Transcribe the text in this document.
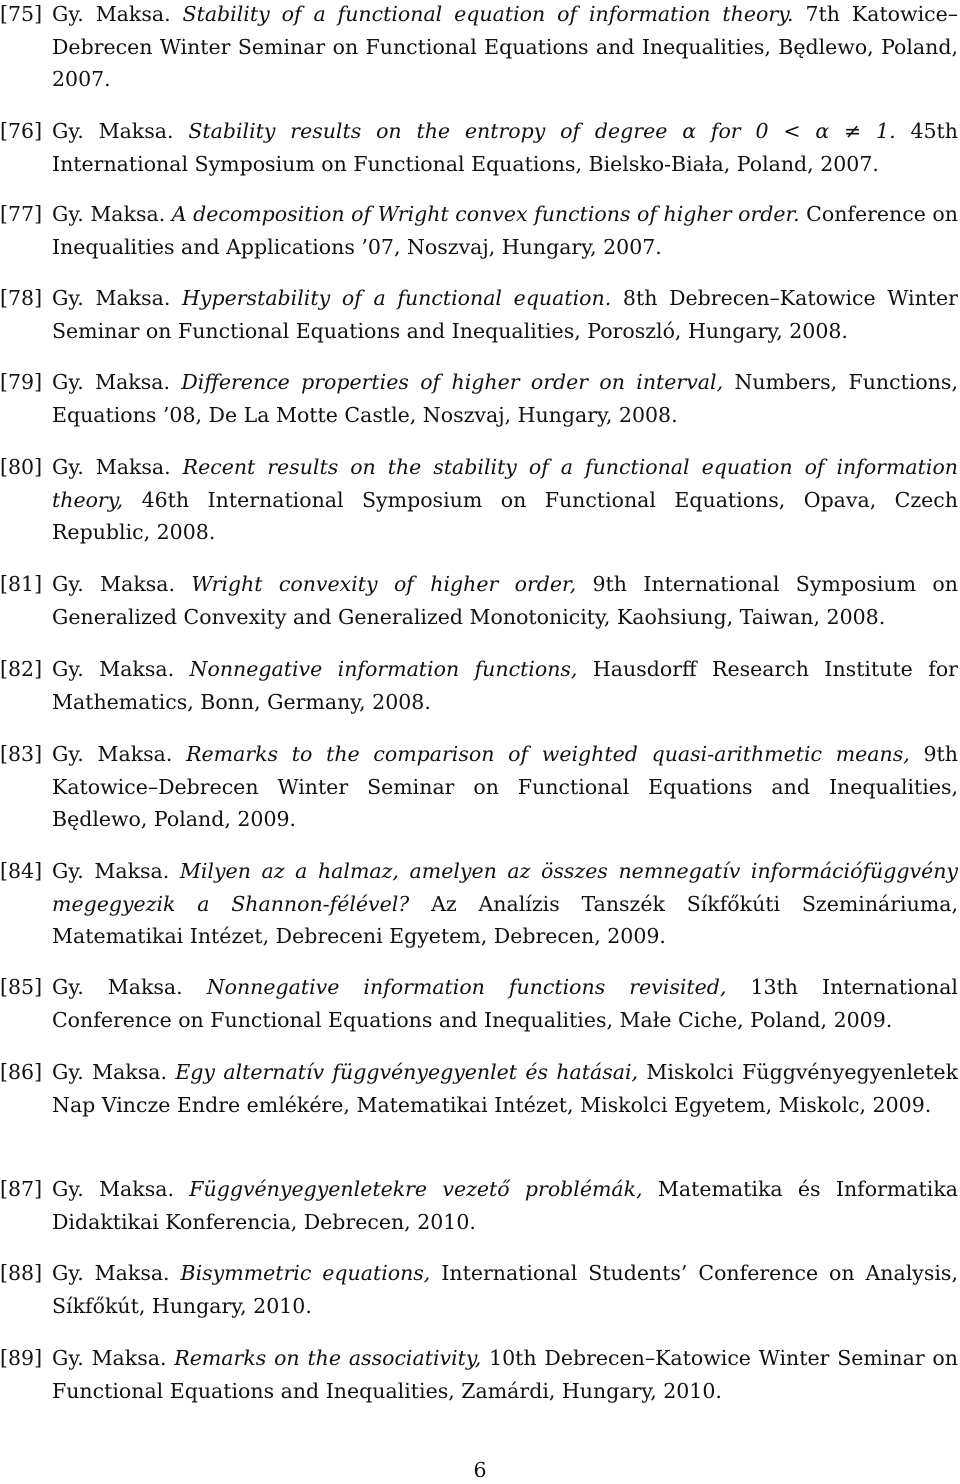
[75] Gy. Maksa. Stability of a functional equation of information theory. 7th Katowice–Debrecen Winter Seminar on Functional Equations and Inequalities, Będlewo, Poland, 2007.
[76] Gy. Maksa. Stability results on the entropy of degree α for 0 < α ≠ 1. 45th International Symposium on Functional Equations, Bielsko-Biała, Poland, 2007.
[77] Gy. Maksa. A decomposition of Wright convex functions of higher order. Conference on Inequalities and Applications ’07, Noszvaj, Hungary, 2007.
[78] Gy. Maksa. Hyperstability of a functional equation. 8th Debrecen–Katowice Winter Seminar on Functional Equations and Inequalities, Poroszló, Hungary, 2008.
[79] Gy. Maksa. Difference properties of higher order on interval, Numbers, Functions, Equations ’08, De La Motte Castle, Noszvaj, Hungary, 2008.
[80] Gy. Maksa. Recent results on the stability of a functional equation of information theory, 46th International Symposium on Functional Equations, Opava, Czech Republic, 2008.
[81] Gy. Maksa. Wright convexity of higher order, 9th International Symposium on Generalized Convexity and Generalized Monotonicity, Kaohsiung, Taiwan, 2008.
[82] Gy. Maksa. Nonnegative information functions, Hausdorff Research Institute for Mathematics, Bonn, Germany, 2008.
[83] Gy. Maksa. Remarks to the comparison of weighted quasi-arithmetic means, 9th Katowice–Debrecen Winter Seminar on Functional Equations and Inequalities, Będlewo, Poland, 2009.
[84] Gy. Maksa. Milyen az a halmaz, amelyen az összes nemnegatív információfüggvény megegyezik a Shannon-félével? Az Analízis Tanszék Síkfőkúti Szemináriuma, Matematikai Intézet, Debreceni Egyetem, Debrecen, 2009.
[85] Gy. Maksa. Nonnegative information functions revisited, 13th International Conference on Functional Equations and Inequalities, Małe Ciche, Poland, 2009.
[86] Gy. Maksa. Egy alternatív függvényegyenlet és hatásai, Miskolci Függvényegyenletek Nap Vincze Endre emlékére, Matematikai Intézet, Miskolci Egyetem, Miskolc, 2009.
[87] Gy. Maksa. Függvényegyenletekre vezető problémák, Matematika és Informatika Didaktikai Konferencia, Debrecen, 2010.
[88] Gy. Maksa. Bisymmetric equations, International Students’ Conference on Analysis, Síkfőkút, Hungary, 2010.
[89] Gy. Maksa. Remarks on the associativity, 10th Debrecen–Katowice Winter Seminar on Functional Equations and Inequalities, Zamárdi, Hungary, 2010.
6
